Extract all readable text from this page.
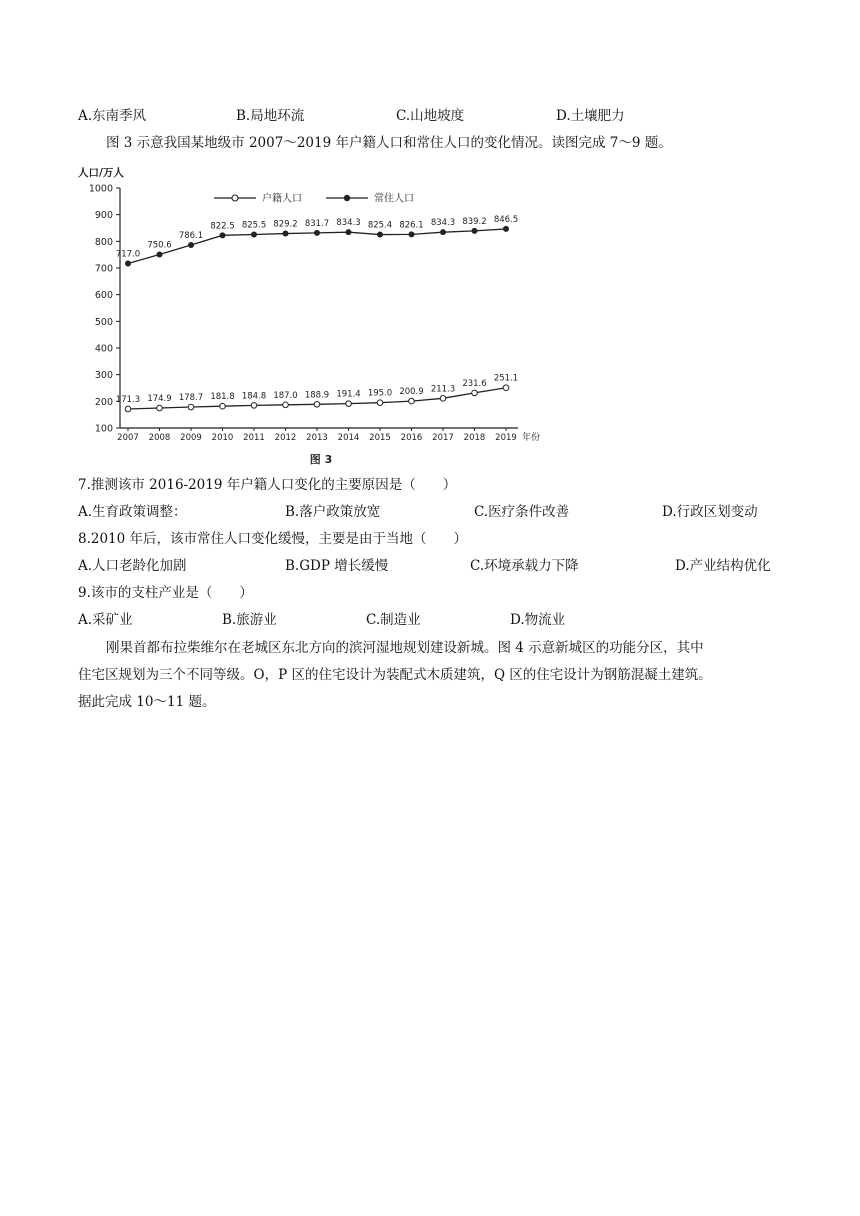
A.东南季风	B.局地环流	C.山地坡度	D.土壤肥力
图 3 示意我国某地级市 2007～2019 年户籍人口和常住人口的变化情况。读图完成 7～9 题。
100
200
300
400
500
600
700
800
900
1000
人口/万人
2007 2008 2009 2010 2011 2012 2013 2014 2015 2016 2017 2018 2019 年份
图 3
户籍人口	常住人口
171.3 174.9 178.7 181.8 184.8 187.0 188.9 191.4 195.0 200.9 211.3
231.6
251.1
717.0
750.6
786.1
822.5 825.5 829.2 831.7 834.3 825.4 826.1 834.3 839.2 846.5
7.推测该市 2016-2019 年户籍人口变化的主要原因是（　　）
A.生育政策调整：	B.落户政策放宽	C.医疗条件改善	D.行政区划变动
8.2010 年后，该市常住人口变化缓慢，主要是由于当地（　　）
A.人口老龄化加剧	B.GDP 增长缓慢	C.环境承载力下降	D.产业结构优化
9.该市的支柱产业是（　　）
A.采矿业	B.旅游业	C.制造业	D.物流业
刚果首都布拉柴维尔在老城区东北方向的滨河湿地规划建设新城。图 4 示意新城区的功能分区，其中
住宅区规划为三个不同等级。O，P 区的住宅设计为装配式木质建筑，Q 区的住宅设计为钢筋混凝土建筑。
据此完成 10～11 题。
